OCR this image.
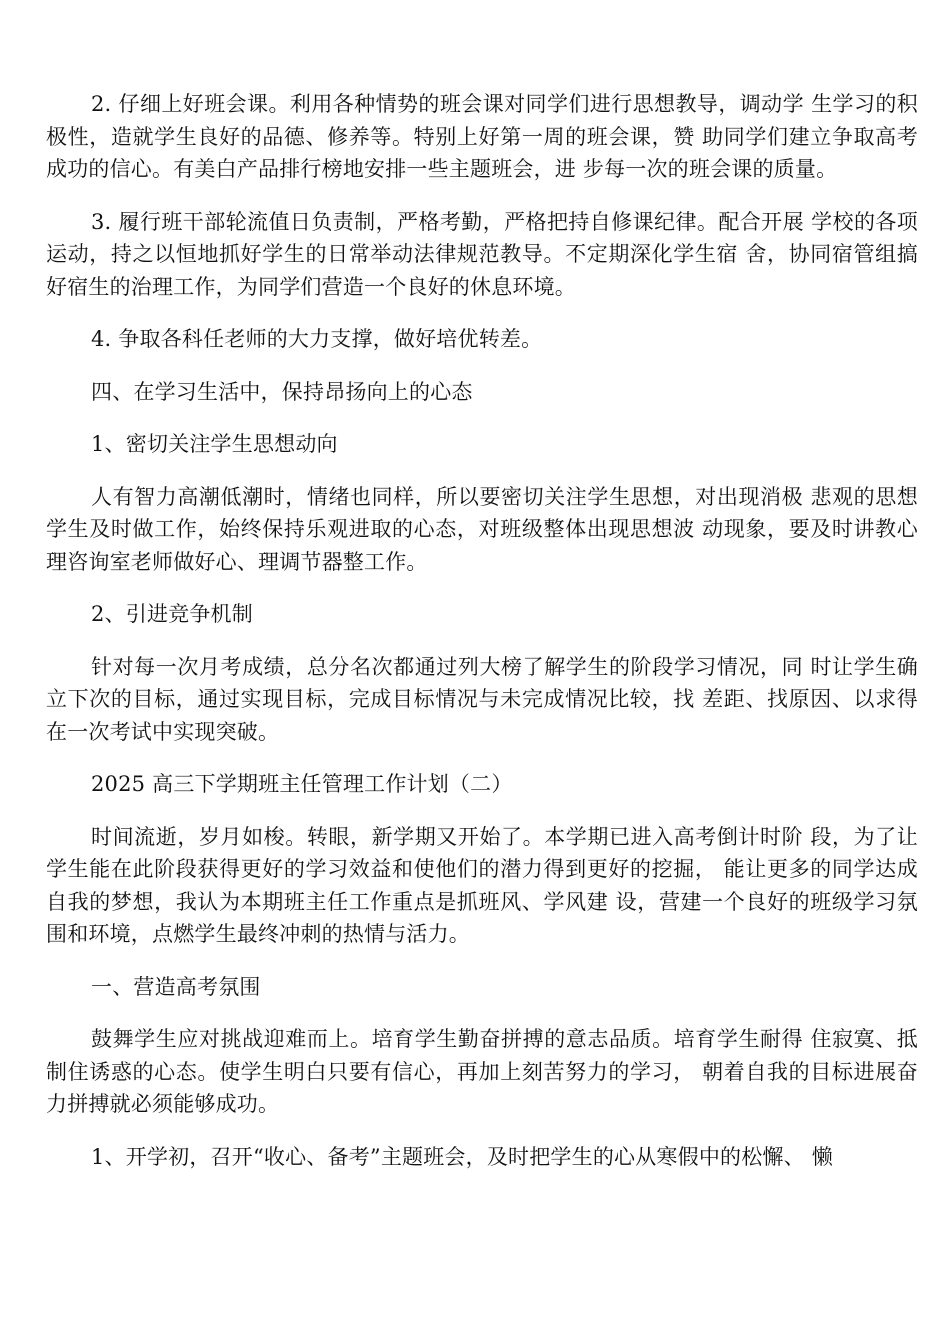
2. 仔细上好班会课。利用各种情势的班会课对同学们进行思想教导，调动学 生学习的积极性，造就学生良好的品德、修养等。特别上好第一周的班会课，赞 助同学们建立争取高考成功的信心。有美白产品排行榜地安排一些主题班会，进 步每一次的班会课的质量。

3. 履行班干部轮流值日负责制，严格考勤，严格把持自修课纪律。配合开展 学校的各项运动，持之以恒地抓好学生的日常举动法律规范教导。不定期深化学生宿 舍，协同宿管组搞好宿生的治理工作，为同学们营造一个良好的休息环境。

4. 争取各科任老师的大力支撑，做好培优转差。

四、在学习生活中，保持昂扬向上的心态

1、密切关注学生思想动向

人有智力高潮低潮时，情绪也同样，所以要密切关注学生思想，对出现消极 悲观的思想学生及时做工作，始终保持乐观进取的心态，对班级整体出现思想波 动现象，要及时讲教心理咨询室老师做好心、理调节器整工作。

2、引进竞争机制

针对每一次月考成绩，总分名次都通过列大榜了解学生的阶段学习情况，同 时让学生确立下次的目标，通过实现目标，完成目标情况与未完成情况比较，找 差距、找原因、以求得在一次考试中实现突破。

2025 高三下学期班主任管理工作计划（二）

时间流逝，岁月如梭。转眼，新学期又开始了。本学期已进入高考倒计时阶 段，为了让学生能在此阶段获得更好的学习效益和使他们的潜力得到更好的挖掘， 能让更多的同学达成自我的梦想，我认为本期班主任工作重点是抓班风、学风建 设，营建一个良好的班级学习氛围和环境，点燃学生最终冲刺的热情与活力。

一、营造高考氛围

鼓舞学生应对挑战迎难而上。培育学生勤奋拼搏的意志品质。培育学生耐得 住寂寞、抵制住诱惑的心态。使学生明白只要有信心，再加上刻苦努力的学习， 朝着自我的目标进展奋力拼搏就必须能够成功。

1、开学初，召开“收心、备考”主题班会，及时把学生的心从寒假中的松懈、 懒
